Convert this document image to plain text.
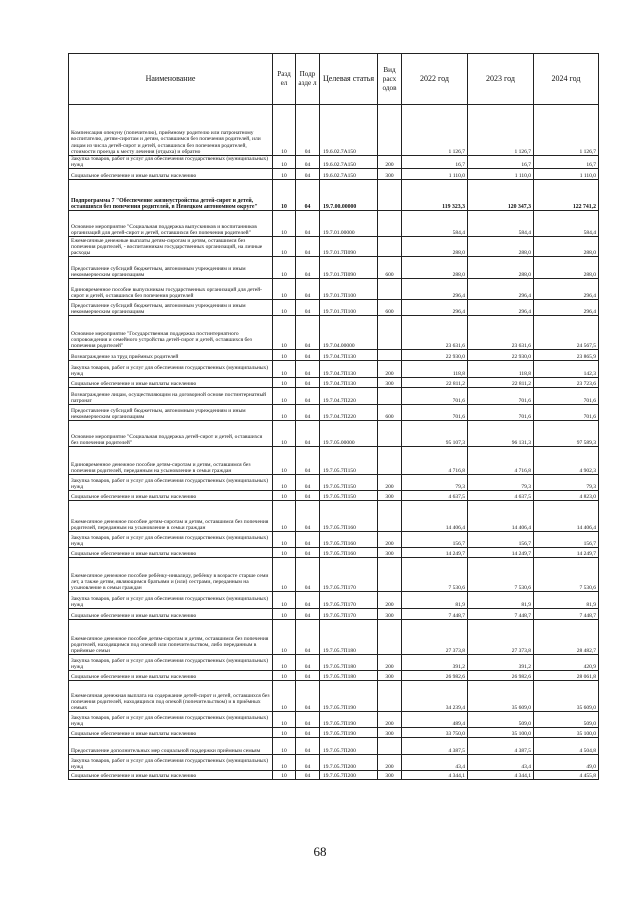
Наименование	Разд ел	Подр азде л	Целевая статья	Вид расх одов	2022 год	2023 год	2024 год
Компенсация опекуну (попечителю), приёмному родителю или патронатному воспитателю, детям-сиротам и детям, оставшимся без попечения родителей, или лицам из числа детей-сирот и детей, оставшихся без попечения родителей, стоимости проезда к месту лечения (отдыха) и обратно	10	04	19.6.02.7А150		1 126,7	1 126,7	1 126,7
Закупка товаров, работ и услуг для обеспечения государственных (муниципальных) нужд	10	04	19.6.02.7А150	200	16,7	16,7	16,7
Социальное обеспечение и иные выплаты населению	10	04	19.6.02.7А150	300	1 110,0	1 110,0	1 110,0
Подпрограмма 7 "Обеспечение жизнеустройства детей-сирот и детей, оставшихся без попечения родителей, в Ненецком автономном округе"	10	04	19.7.00.00000		119 323,3	120 347,3	122 741,2
Основное мероприятие "Социальная поддержка выпускников и воспитанников организаций для детей-сирот и детей, оставшихся без попечения родителей"	10	04	19.7.01.00000		584,4	584,4	584,4
Ежемесячные денежные выплаты детям-сиротам и детям, оставшимся без попечения родителей, - воспитанникам государственных организаций, на личные расходы	10	04	19.7.01.7П090		288,0	288,0	288,0
Предоставление субсидий бюджетным, автономным учреждениям и иным некоммерческим организациям	10	04	19.7.01.7П090	600	288,0	288,0	288,0
Единовременное пособие выпускникам государственных организаций для детей-сирот и детей, оставшихся без попечения родителей	10	04	19.7.01.7П100		296,4	296,4	296,4
Предоставление субсидий бюджетным, автономным учреждениям и иным некоммерческим организациям	10	04	19.7.01.7П100	600	296,4	296,4	296,4
Основное мероприятие "Государственная поддержка постинтернатного сопровождения и семейного устройства детей-сирот и детей, оставшихся без попечения родителей"	10	04	19.7.04.00000		23 631,6	23 631,6	24 567,5
Вознаграждение за труд приёмных родителей	10	04	19.7.04.7П130		22 930,0	22 930,0	23 865,9
Закупка товаров, работ и услуг для обеспечения государственных (муниципальных) нужд	10	04	19.7.04.7П130	200	118,8	118,8	142,3
Социальное обеспечение и иные выплаты населению	10	04	19.7.04.7П130	300	22 811,2	22 811,2	23 723,6
Вознаграждение лицам, осуществляющим на договорной основе постинтернатный патронат	10	04	19.7.04.7П220		701,6	701,6	701,6
Предоставление субсидий бюджетным, автономным учреждениям и иным некоммерческим организациям	10	04	19.7.04.7П220	600	701,6	701,6	701,6
Основное мероприятие "Социальная поддержка детей-сирот и детей, оставшихся без попечения родителей"	10	04	19.7.05.00000		95 107,3	96 131,3	97 589,3
Единовременное денежное пособие детям-сиротам и детям, оставшимся без попечения родителей, переданным на усыновление в семьи граждан	10	04	19.7.05.7П150		4 716,8	4 716,8	4 902,3
Закупка товаров, работ и услуг для обеспечения государственных (муниципальных) нужд	10	04	19.7.05.7П150	200	79,3	79,3	79,3
Социальное обеспечение и иные выплаты населению	10	04	19.7.05.7П150	300	4 637,5	4 637,5	4 823,0
Ежемесячное денежное пособие детям-сиротам и детям, оставшимся без попечения родителей, переданным на усыновление в семьи граждан	10	04	19.7.05.7П160		14 406,4	14 406,4	14 406,4
Закупка товаров, работ и услуг для обеспечения государственных (муниципальных) нужд	10	04	19.7.05.7П160	200	156,7	156,7	156,7
Социальное обеспечение и иные выплаты населению	10	04	19.7.05.7П160	300	14 249,7	14 249,7	14 249,7
Ежемесячное денежное пособие ребёнку-инвалиду, ребёнку в возрасте старше семи лет, а также детям, являющимся братьями и (или) сестрами, переданным на усыновление в семьи граждан	10	04	19.7.05.7П170		7 530,6	7 530,6	7 530,6
Закупка товаров, работ и услуг для обеспечения государственных (муниципальных) нужд	10	04	19.7.05.7П170	200	81,9	81,9	81,9
Социальное обеспечение и иные выплаты населению	10	04	19.7.05.7П170	300	7 448,7	7 448,7	7 448,7
Ежемесячное денежное пособие детям-сиротам и детям, оставшимся без попечения родителей, находящимся под опекой или попечительством, либо переданным в приёмные семьи	10	04	19.7.05.7П180		27 373,8	27 373,8	28 482,7
Закупка товаров, работ и услуг для обеспечения государственных (муниципальных) нужд	10	04	19.7.05.7П180	200	391,2	391,2	420,9
Социальное обеспечение и иные выплаты населению	10	04	19.7.05.7П180	300	26 982,6	26 982,6	28 061,8
Ежемесячная денежная выплата на содержание детей-сирот и детей, оставшихся без попечения родителей, находящихся под опекой (попечительством) и в приёмных семьях	10	04	19.7.05.7П190		34 239,4	35 609,0	35 609,0
Закупка товаров, работ и услуг для обеспечения государственных (муниципальных) нужд	10	04	19.7.05.7П190	200	489,4	509,0	509,0
Социальное обеспечение и иные выплаты населению	10	04	19.7.05.7П190	300	33 750,0	35 100,0	35 100,0
Предоставление дополнительных мер социальной поддержки приёмным семьям	10	04	19.7.05.7П200		4 387,5	4 387,5	4 504,8
Закупка товаров, работ и услуг для обеспечения государственных (муниципальных) нужд	10	04	19.7.05.7П200	200	43,4	43,4	49,0
Социальное обеспечение и иные выплаты населению	10	04	19.7.05.7П200	300	4 344,1	4 344,1	4 455,8
68
